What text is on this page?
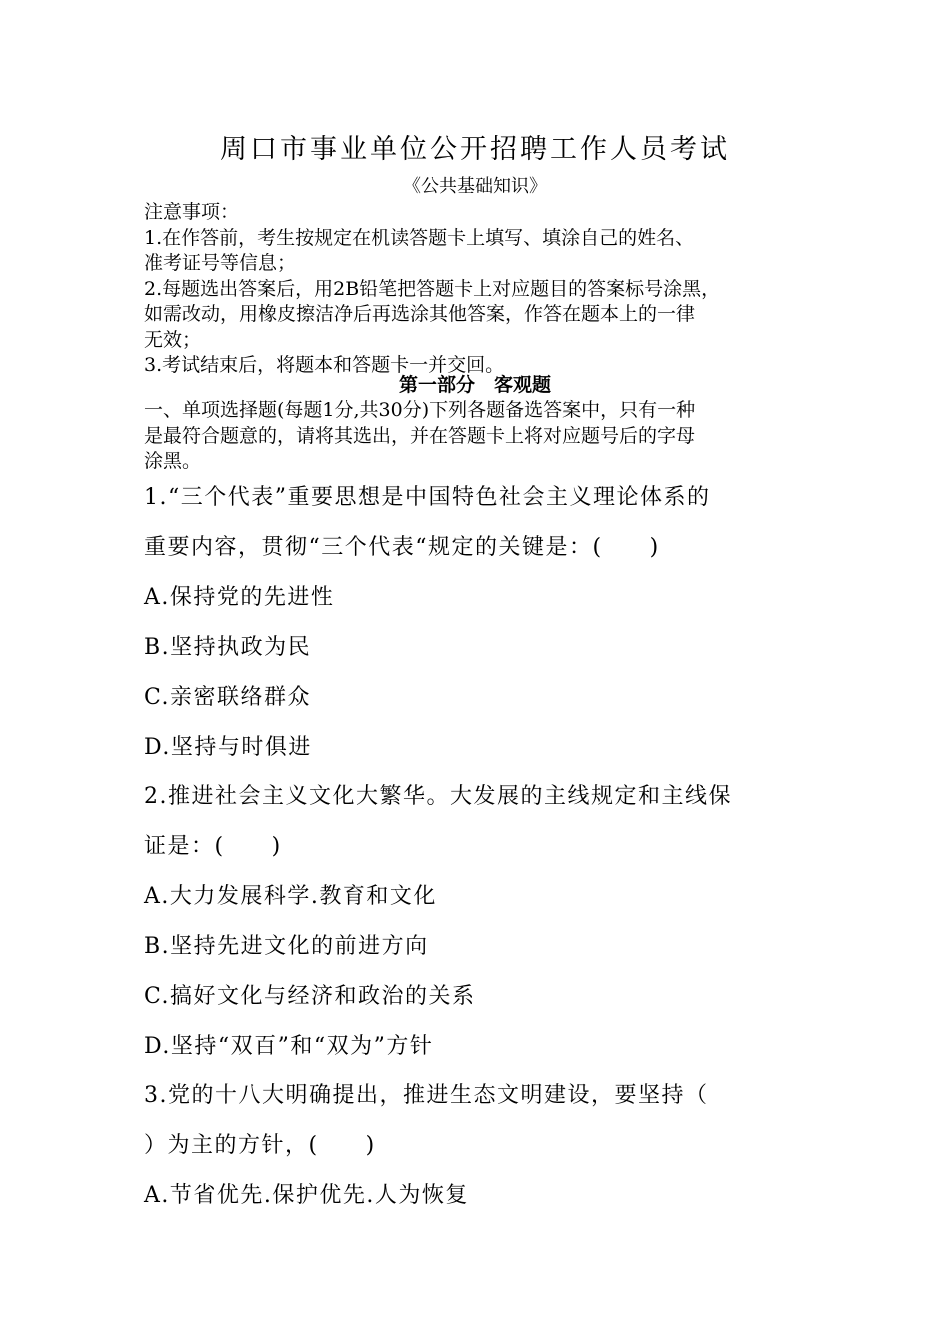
周口市事业单位公开招聘工作人员考试
《公共基础知识》

注意事项：

1.在作答前，考生按规定在机读答题卡上填写、填涂自己的姓名、

准考证号等信息；

2.每题选出答案后，用2B铅笔把答题卡上对应题目的答案标号涂黑，

如需改动，用橡皮擦洁净后再选涂其他答案，作答在题本上的一律

无效；

3.考试结束后，将题本和答题卡一并交回。

第一部分　客观题
一、单项选择题(每题1分,共30分)下列各题备选答案中，只有一种
是最符合题意的，请将其选出，并在答题卡上将对应题号后的字母
涂黑。
1.“三个代表”重要思想是中国特色社会主义理论体系的
重要内容，贯彻“三个代表“规定的关键是：(　　)
A.保持党的先进性
B.坚持执政为民
C.亲密联络群众
D.坚持与时俱进
2.推进社会主义文化大繁华。大发展的主线规定和主线保
证是：(　　)
A.大力发展科学.教育和文化
B.坚持先进文化的前进方向
C.搞好文化与经济和政治的关系
D.坚持“双百”和“双为”方针
3.党的十八大明确提出，推进生态文明建设，要坚持（
）为主的方针，(　　)
A.节省优先.保护优先.人为恢复
